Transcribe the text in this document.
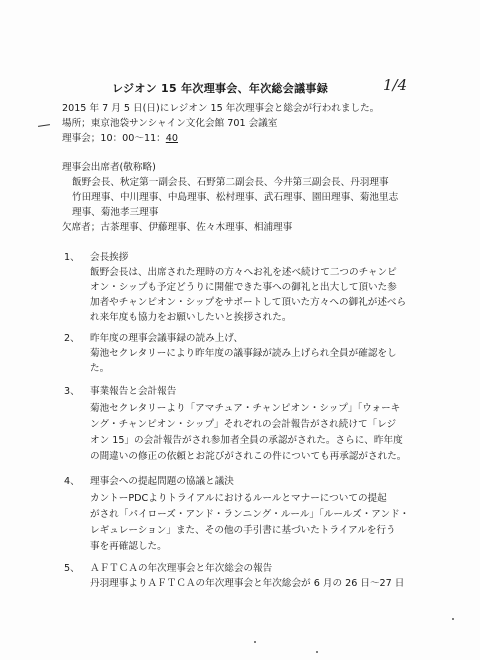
レジオン 15 年次理事会、年次総会議事録	1/4
2015 年 7 月 5 日(日)にレジオン 15 年次理事会と総会が行われました。
場所；東京池袋サンシャイン文化会館 701 会議室
理事会；10：00～11：40
理事会出席者(敬称略)
飯野会長、秋定第一副会長、石野第二副会長、今井第三副会長、丹羽理事
竹田理事、中川理事、中島理事、松村理事、武石理事、園田理事、菊池里志
理事、菊池孝三理事
欠席者；古茶理事、伊藤理事、佐々木理事、相浦理事
1、 会長挨拶
飯野会長は、出席された理時の方々へお礼を述べ続けて二つのチャンピ
オン・シップも予定どうりに開催できた事への御礼と出大して頂いた参
加者やチャンピオン・シップをサポートして頂いた方々への御礼が述べら
れ来年度も協力をお願いしたいと挨拶された。
2、 昨年度の理事会議事録の読み上げ、
菊池セクレタリーにより昨年度の議事録が読み上げられ全員が確認をし
た。
3、 事業報告と会計報告
菊池セクレタリーより「アマチュア・チャンピオン・シップ」「ウォーキ
ング・チャンピオン・シップ」それぞれの会計報告がされ続けて「レジ
オン 15」の会計報告がされ参加者全員の承認がされた。さらに、昨年度
の間違いの修正の依頼とお詫びがされこの件についても再承認がされた。
4、 理事会への提起問題の協議と議決
カントーPDCよりトライアルにおけるルールとマナーについての提起
がされ「パイローズ・アンド・ランニング・ルール」「ルールズ・アンド・
レギュレーション」また、その他の手引書に基づいたトライアルを行う
事を再確認した。
5、 ＡＦＴＣＡの年次理事会と年次総会の報告
丹羽理事よりＡＦＴＣＡの年次理事会と年次総会が 6 月の 26 日～27 日
